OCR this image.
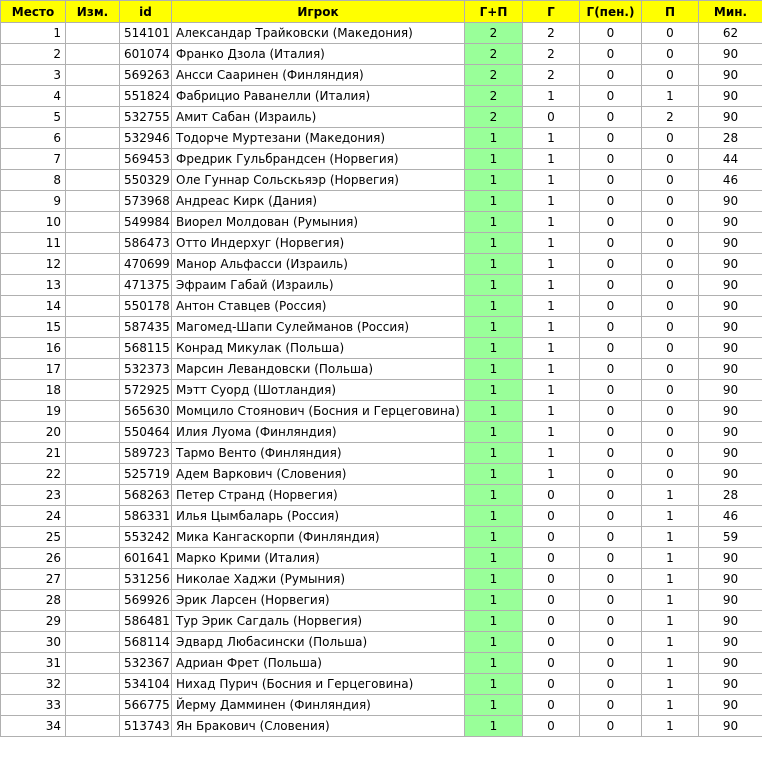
Место	Изм.	id	Игрок	Г+П	Г	Г(пен.)	П	Мин.
1		514101	Александар Трайковски (Македония)	2	2	0	0	62
2		601074	Франко Дзола (Италия)	2	2	0	0	90
3		569263	Ансси Сааринен (Финляндия)	2	2	0	0	90
4		551824	Фабрицио Раванелли (Италия)	2	1	0	1	90
5		532755	Амит Сабан (Израиль)	2	0	0	2	90
6		532946	Тодорче Муртезани (Македония)	1	1	0	0	28
7		569453	Фредрик Гульбрандсен (Норвегия)	1	1	0	0	44
8		550329	Оле Гуннар Сольскьяэр (Норвегия)	1	1	0	0	46
9		573968	Андреас Кирк (Дания)	1	1	0	0	90
10		549984	Виорел Молдован (Румыния)	1	1	0	0	90
11		586473	Отто Индерхуг (Норвегия)	1	1	0	0	90
12		470699	Манор Альфасси (Израиль)	1	1	0	0	90
13		471375	Эфраим Габай (Израиль)	1	1	0	0	90
14		550178	Антон Ставцев (Россия)	1	1	0	0	90
15		587435	Магомед-Шапи Сулейманов (Россия)	1	1	0	0	90
16		568115	Конрад Микулак (Польша)	1	1	0	0	90
17		532373	Марсин Левандовски (Польша)	1	1	0	0	90
18		572925	Мэтт Суорд (Шотландия)	1	1	0	0	90
19		565630	Момцило Стоянович (Босния и Герцеговина)	1	1	0	0	90
20		550464	Илия Луома (Финляндия)	1	1	0	0	90
21		589723	Тармо Венто (Финляндия)	1	1	0	0	90
22		525719	Адем Варкович (Словения)	1	1	0	0	90
23		568263	Петер Странд (Норвегия)	1	0	0	1	28
24		586331	Илья Цымбаларь (Россия)	1	0	0	1	46
25		553242	Мика Кангаскорпи (Финляндия)	1	0	0	1	59
26		601641	Марко Крими (Италия)	1	0	0	1	90
27		531256	Николае Хаджи (Румыния)	1	0	0	1	90
28		569926	Эрик Ларсен (Норвегия)	1	0	0	1	90
29		586481	Тур Эрик Сагдаль (Норвегия)	1	0	0	1	90
30		568114	Эдвард Любасински (Польша)	1	0	0	1	90
31		532367	Адриан Фрет (Польша)	1	0	0	1	90
32		534104	Нихад Пурич (Босния и Герцеговина)	1	0	0	1	90
33		566775	Йерму Дамминен (Финляндия)	1	0	0	1	90
34		513743	Ян Бракович (Словения)	1	0	0	1	90
